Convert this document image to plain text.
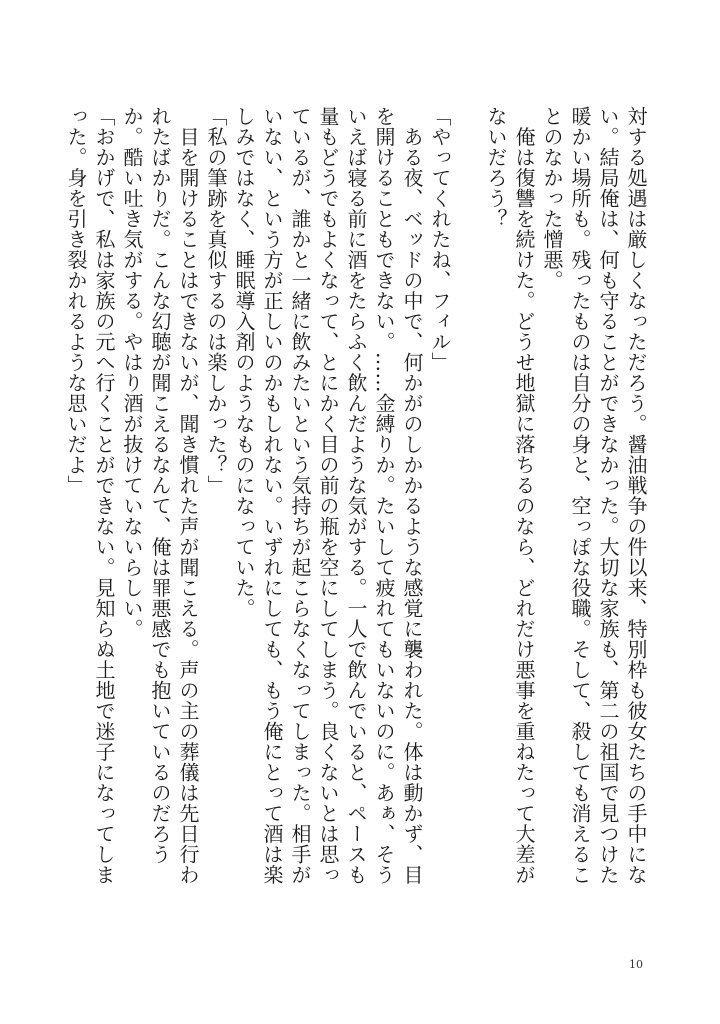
対する処遇は厳しくなっただろう。醤油戦争の件以来、特別枠も彼女たちの手中にない。結局俺は、何も守ることができなかった。大切な家族も、第二の祖国で見つけた暖かい場所も。残ったものは自分の身と、空っぽな役職。そして、殺しても消えることのなかった憎悪。

　俺は復讐を続けた。どうせ地獄に落ちるのなら、どれだけ悪事を重ねたって大差がないだろう？

「やってくれたね、フィル」

　ある夜、ベッドの中で、何かがのしかかるような感覚に襲われた。体は動かず、目を開けることもできない。……金縛りか。たいして疲れてもいないのに。あぁ、そういえば寝る前に酒をたらふく飲んだような気がする。一人で飲んでいると、ペースも量もどうでもよくなって、とにかく目の前の瓶を空にしてしまう。良くないとは思っているが、誰かと一緒に飲みたいという気持ちが起こらなくなってしまった。相手がいない、という方が正しいのかもしれない。いずれにしても、もう俺にとって酒は楽しみではなく、睡眠導入剤のようなものになっていた。

「私の筆跡を真似するのは楽しかった？」

　目を開けることはできないが、聞き慣れた声が聞こえる。声の主の葬儀は先日行われたばかりだ。こんな幻聴が聞こえるなんて、俺は罪悪感でも抱いているのだろうか。酷い吐き気がする。やはり酒が抜けていないらしい。

「おかげで、私は家族の元へ行くことができない。見知らぬ土地で迷子になってしまった。身を引き裂かれるような思いだよ」

10
